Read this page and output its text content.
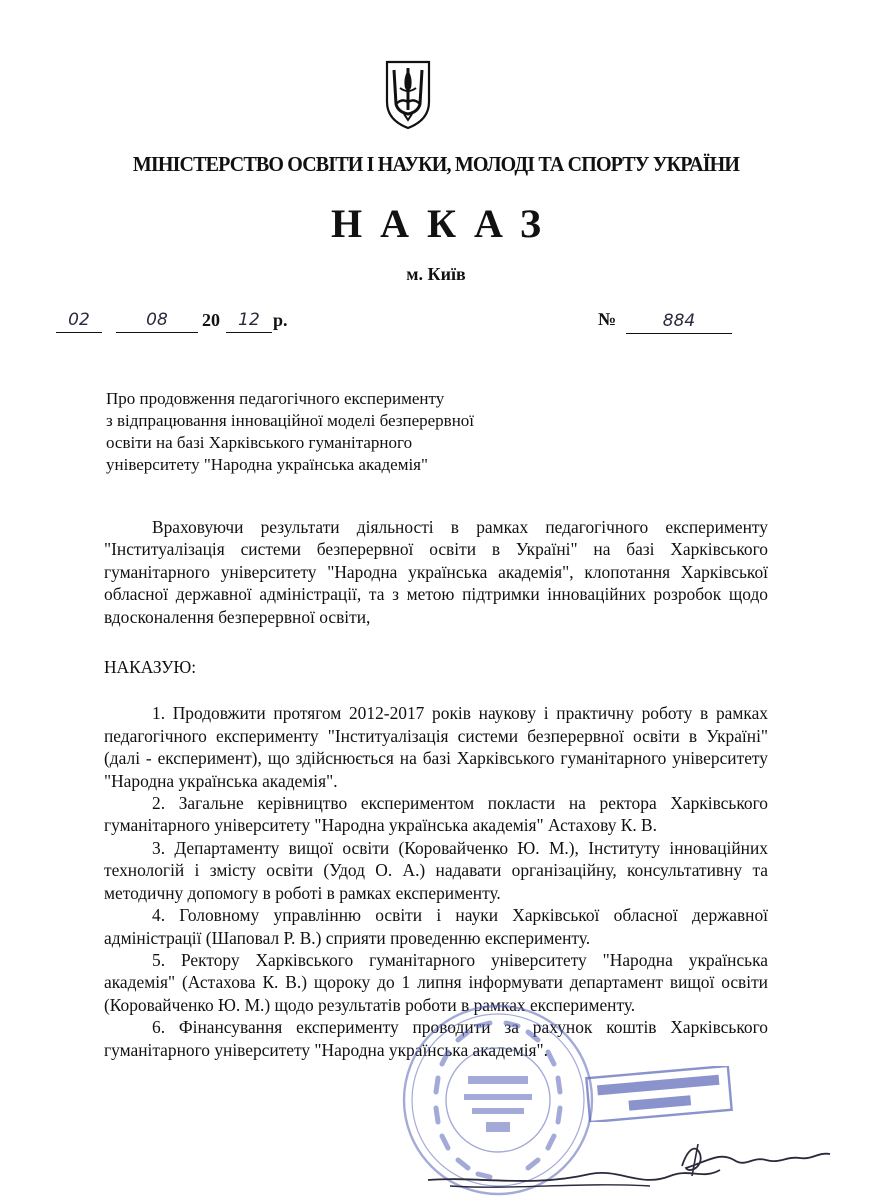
МІНІСТЕРСТВО ОСВІТИ І НАУКИ, МОЛОДІ ТА СПОРТУ УКРАЇНИ
НАКАЗ
м. Київ
02	08	20	12 р.	№	884
Про продовження педагогічного експерименту
з відпрацювання інноваційної моделі безперервної
освіти на базі Харківського гуманітарного
університету "Народна українська академія"

Враховуючи результати діяльності в рамках педагогічного експерименту "Інституалізація системи безперервної освіти в Україні" на базі Харківського гуманітарного університету "Народна українська академія", клопотання Харківської обласної державної адміністрації, та з метою підтримки інноваційних розробок щодо вдосконалення безперервної освіти,

НАКАЗУЮ:

1. Продовжити протягом 2012-2017 років наукову і практичну роботу в рамках педагогічного експерименту "Інституалізація системи безперервної освіти в Україні" (далі - експеримент), що здійснюється на базі Харківського гуманітарного університету "Народна українська академія".

2. Загальне керівництво експериментом покласти на ректора Харківського гуманітарного університету "Народна українська академія" Астахову К. В.

3. Департаменту вищої освіти (Коровайченко Ю. М.), Інституту інноваційних технологій і змісту освіти (Удод О. А.) надавати організаційну, консультативну та методичну допомогу в роботі в рамках експерименту.

4. Головному управлінню освіти і науки Харківської обласної державної адміністрації (Шаповал Р. В.) сприяти проведенню експерименту.

5. Ректору Харківського гуманітарного університету "Народна українська академія" (Астахова К. В.) щороку до 1 липня інформувати департамент вищої освіти (Коровайченко Ю. М.) щодо результатів роботи в рамках експерименту.

6. Фінансування експерименту проводити за рахунок коштів Харківського гуманітарного університету "Народна українська академія".
